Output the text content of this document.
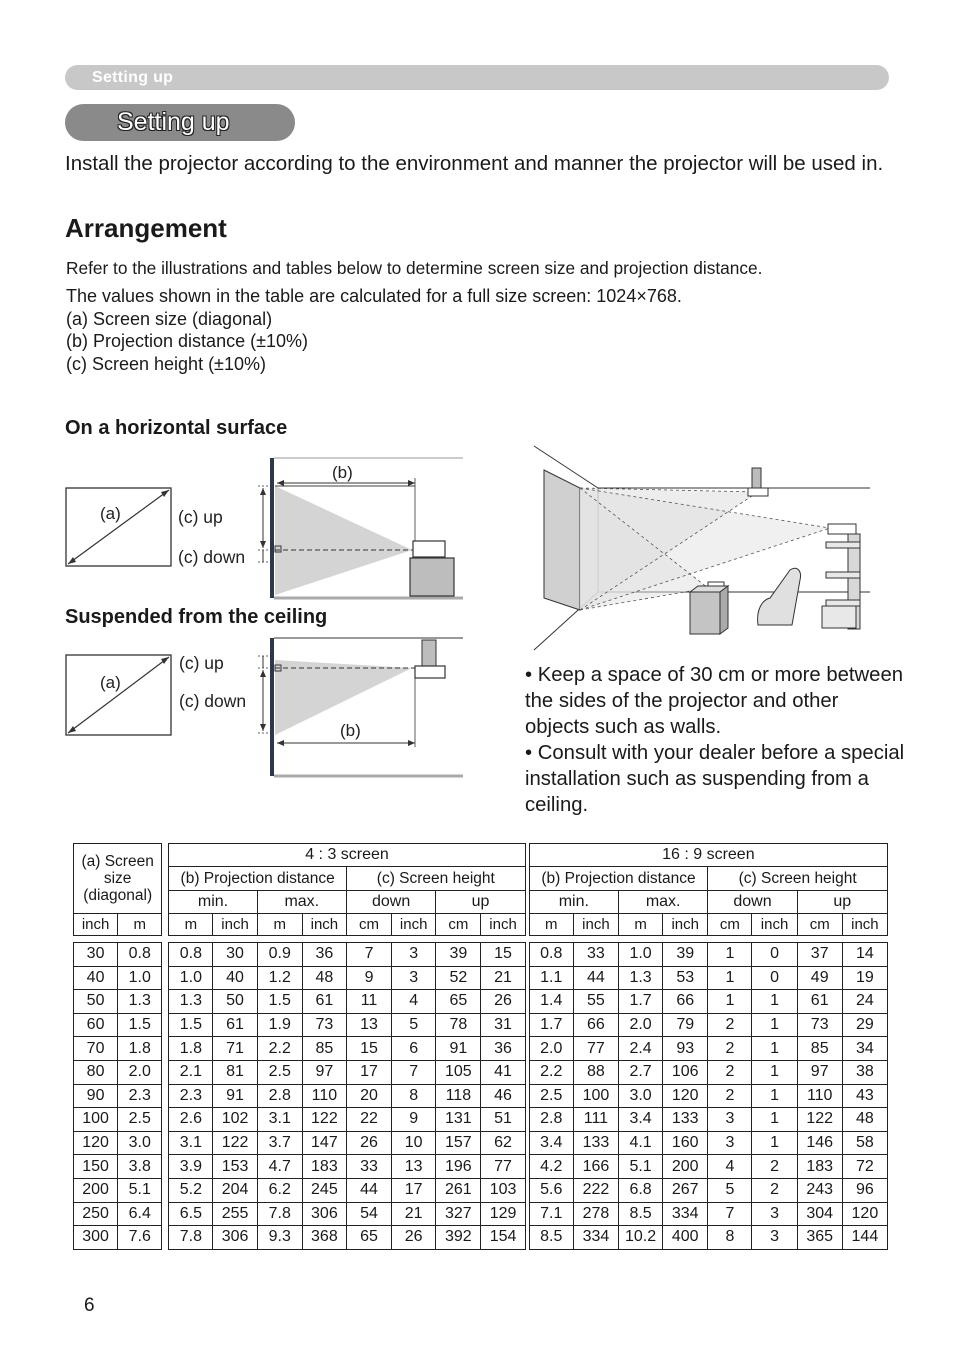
Setting up
Setting up
Install the projector according to the environment and manner the projector will be used in.
Arrangement
Refer to the illustrations and tables below to determine screen size and projection distance.
The values shown in the table are calculated for a full size screen: 1024×768.
(a) Screen size (diagonal)
(b) Projection distance (±10%)
(c) Screen height (±10%)
On a horizontal surface
Suspended from the ceiling
(a)	(c) up
(c) down
(b)
(a)
(c) up
(c) down
(b)
• Keep a space of 30 cm or more between the sides of the projector and other objects such as walls.
• Consult with your dealer before a special installation such as suspending from a ceiling.
(a) Screen
size
(diagonal)			4 : 3 screen									16 : 9 screen							
			(b) Projection distance				(c) Screen height					(b) Projection distance				(c) Screen height			
			min.		max.		down		up			min.		max.		down		up	
inch	m		m	inch	m	inch	cm	inch	cm	inch		m	inch	m	inch	cm	inch	cm	inch

30	0.8		0.8	30	0.9	36	7	3	39	15		0.8	33	1.0	39	1	0	37	14
40	1.0		1.0	40	1.2	48	9	3	52	21		1.1	44	1.3	53	1	0	49	19
50	1.3		1.3	50	1.5	61	11	4	65	26		1.4	55	1.7	66	1	1	61	24
60	1.5		1.5	61	1.9	73	13	5	78	31		1.7	66	2.0	79	2	1	73	29
70	1.8		1.8	71	2.2	85	15	6	91	36		2.0	77	2.4	93	2	1	85	34
80	2.0		2.1	81	2.5	97	17	7	105	41		2.2	88	2.7	106	2	1	97	38
90	2.3		2.3	91	2.8	110	20	8	118	46		2.5	100	3.0	120	2	1	110	43
100	2.5		2.6	102	3.1	122	22	9	131	51		2.8	111	3.4	133	3	1	122	48
120	3.0		3.1	122	3.7	147	26	10	157	62		3.4	133	4.1	160	3	1	146	58
150	3.8		3.9	153	4.7	183	33	13	196	77		4.2	166	5.1	200	4	2	183	72
200	5.1		5.2	204	6.2	245	44	17	261	103		5.6	222	6.8	267	5	2	243	96
250	6.4		6.5	255	7.8	306	54	21	327	129		7.1	278	8.5	334	7	3	304	120
300	7.6		7.8	306	9.3	368	65	26	392	154		8.5	334	10.2	400	8	3	365	144
6
